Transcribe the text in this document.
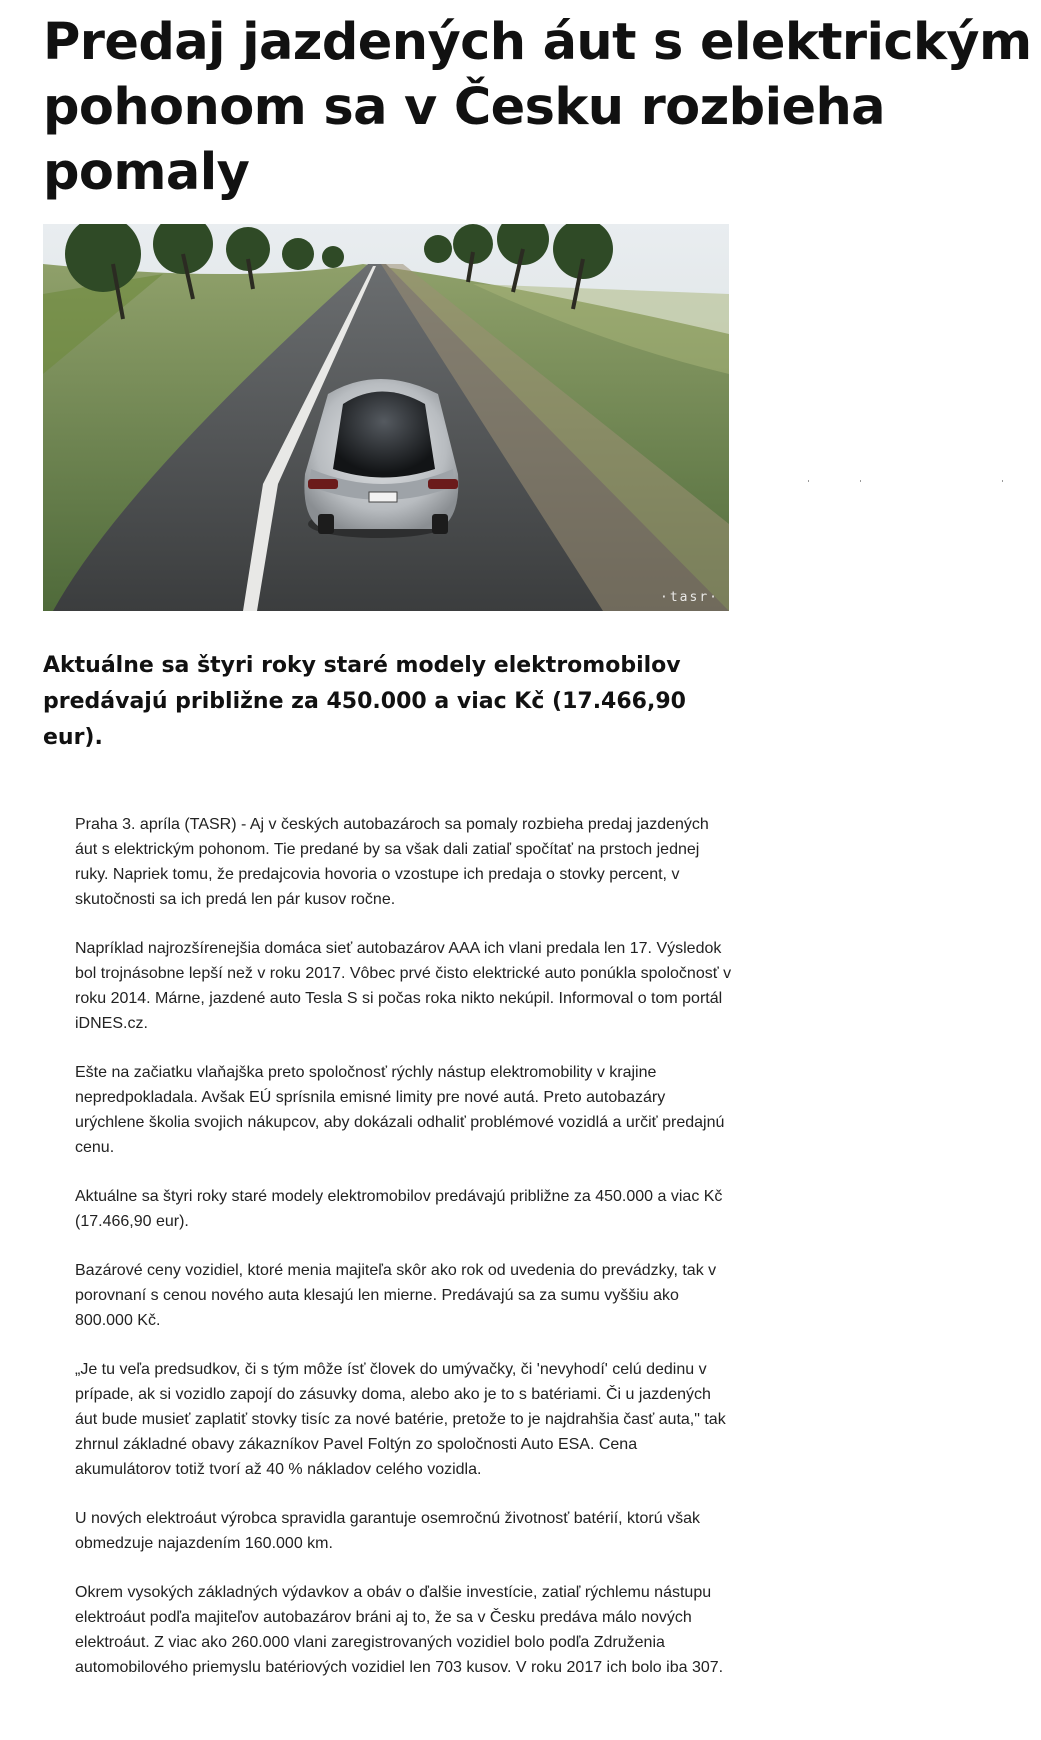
Predaj jazdených áut s elektrickým pohonom sa v Česku rozbieha pomaly
·tasr·

Aktuálne sa štyri roky staré modely elektromobilov predávajú približne za 450.000 a viac Kč (17.466,90 eur).

Praha 3. apríla (TASR) - Aj v českých autobazároch sa pomaly rozbieha predaj jazdených áut s elektrickým pohonom. Tie predané by sa však dali zatiaľ spočítať na prstoch jednej ruky. Napriek tomu, že predajcovia hovoria o vzostupe ich predaja o stovky percent, v skutočnosti sa ich predá len pár kusov ročne.

Napríklad najrozšírenejšia domáca sieť autobazárov AAA ich vlani predala len 17. Výsledok bol trojnásobne lepší než v roku 2017. Vôbec prvé čisto elektrické auto ponúkla spoločnosť v roku 2014. Márne, jazdené auto Tesla S si počas roka nikto nekúpil. Informoval o tom portál iDNES.cz.

Ešte na začiatku vlaňajška preto spoločnosť rýchly nástup elektromobility v krajine nepredpokladala. Avšak EÚ sprísnila emisné limity pre nové autá. Preto autobazáry urýchlene školia svojich nákupcov, aby dokázali odhaliť problémové vozidlá a určiť predajnú cenu.

Aktuálne sa štyri roky staré modely elektromobilov predávajú približne za 450.000 a viac Kč (17.466,90 eur).

Bazárové ceny vozidiel, ktoré menia majiteľa skôr ako rok od uvedenia do prevádzky, tak v porovnaní s cenou nového auta klesajú len mierne. Predávajú sa za sumu vyššiu ako 800.000 Kč.

„Je tu veľa predsudkov, či s tým môže ísť človek do umývačky, či 'nevyhodí' celú dedinu v prípade, ak si vozidlo zapojí do zásuvky doma, alebo ako je to s batériami. Či u jazdených áut bude musieť zaplatiť stovky tisíc za nové batérie, pretože to je najdrahšia časť auta," tak zhrnul základné obavy zákazníkov Pavel Foltýn zo spoločnosti Auto ESA. Cena akumulátorov totiž tvorí až 40 % nákladov celého vozidla.

U nových elektroáut výrobca spravidla garantuje osemročnú životnosť batérií, ktorú však obmedzuje najazdením 160.000 km.

Okrem vysokých základných výdavkov a obáv o ďalšie investície, zatiaľ rýchlemu nástupu elektroáut podľa majiteľov autobazárov bráni aj to, že sa v Česku predáva málo nových elektroáut. Z viac ako 260.000 vlani zaregistrovaných vozidiel bolo podľa Združenia automobilového priemyslu batériových vozidiel len 703 kusov. V roku 2017 ich bolo iba 307.
